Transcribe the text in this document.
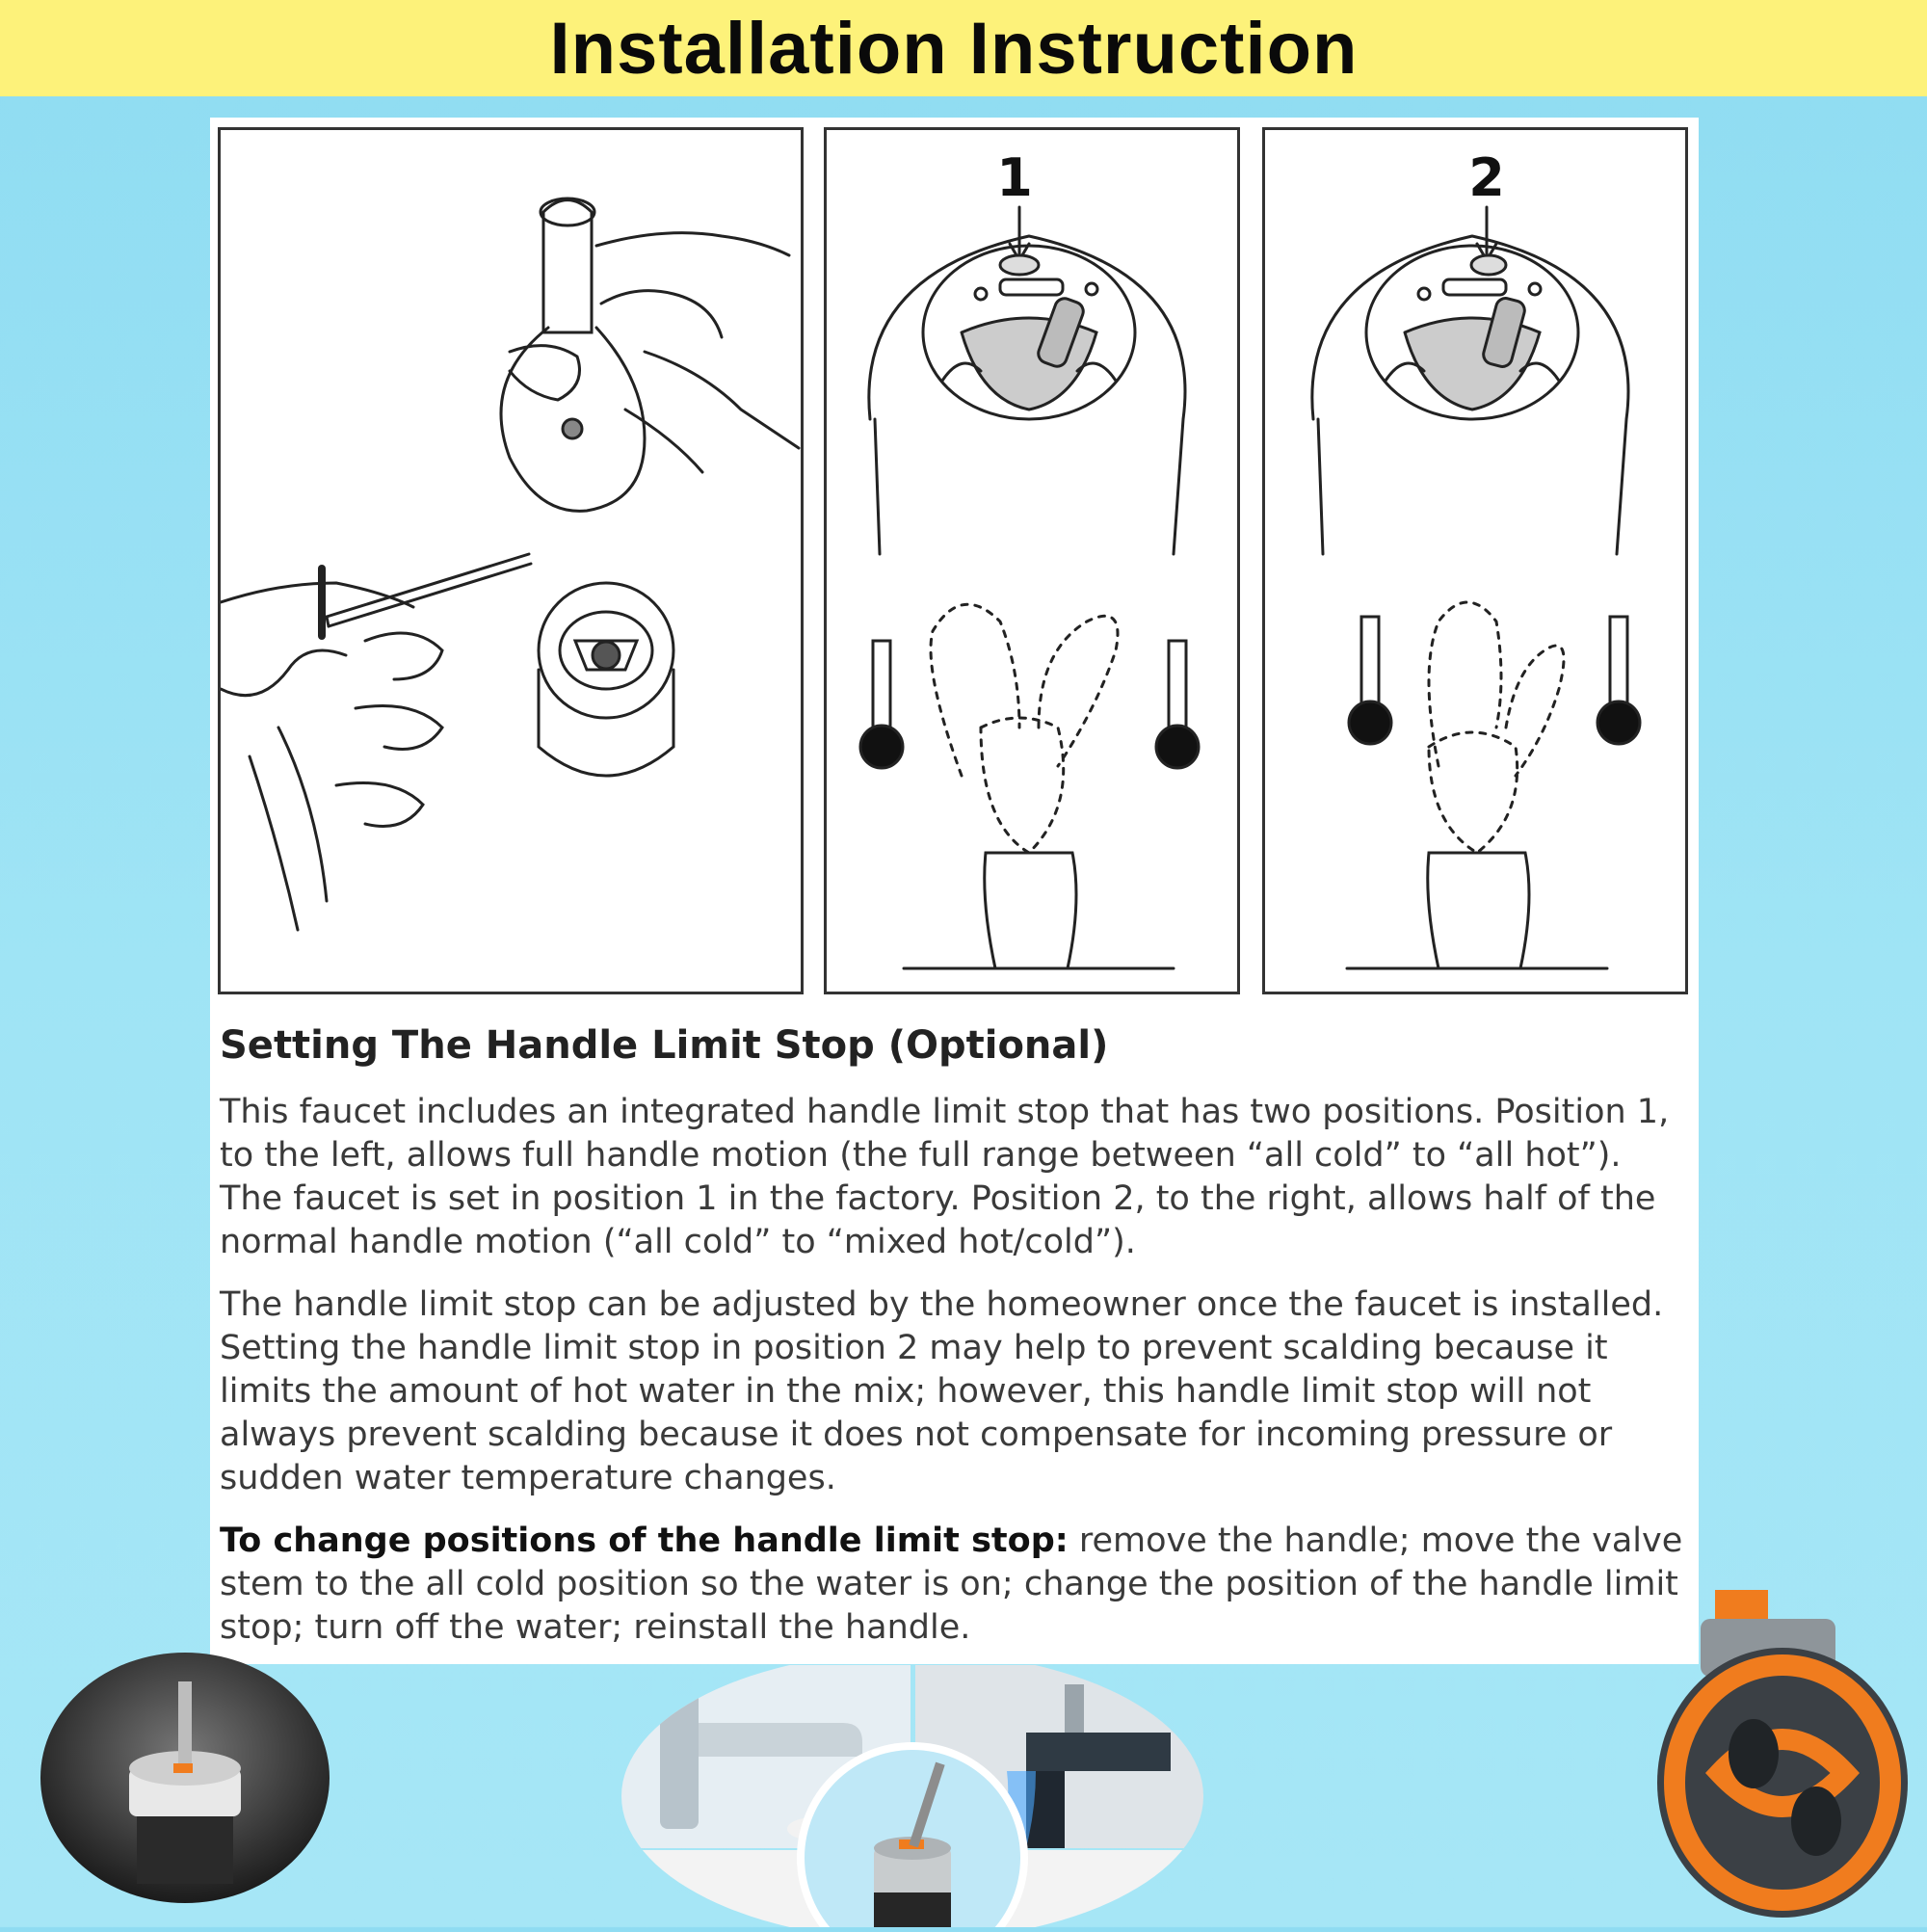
Installation Instruction
1	2
Setting The Handle Limit Stop (Optional)

This faucet includes an integrated handle limit stop that has two positions. Position 1, to the left, allows full handle motion (the full range between “all cold” to “all hot”). The faucet is set in position 1 in the factory. Position 2, to the right, allows half of the normal handle motion (“all cold” to “mixed hot/cold”).

The handle limit stop can be adjusted by the homeowner once the faucet is installed. Setting the handle limit stop in position 2 may help to prevent scalding because it limits the amount of hot water in the mix; however, this handle limit stop will not always prevent scalding because it does not compensate for incoming pressure or sudden water temperature changes.

To change positions of the handle limit stop: remove the handle; move the valve stem to the all cold position so the water is on; change the position of the handle limit stop; turn off the water; reinstall the handle.
